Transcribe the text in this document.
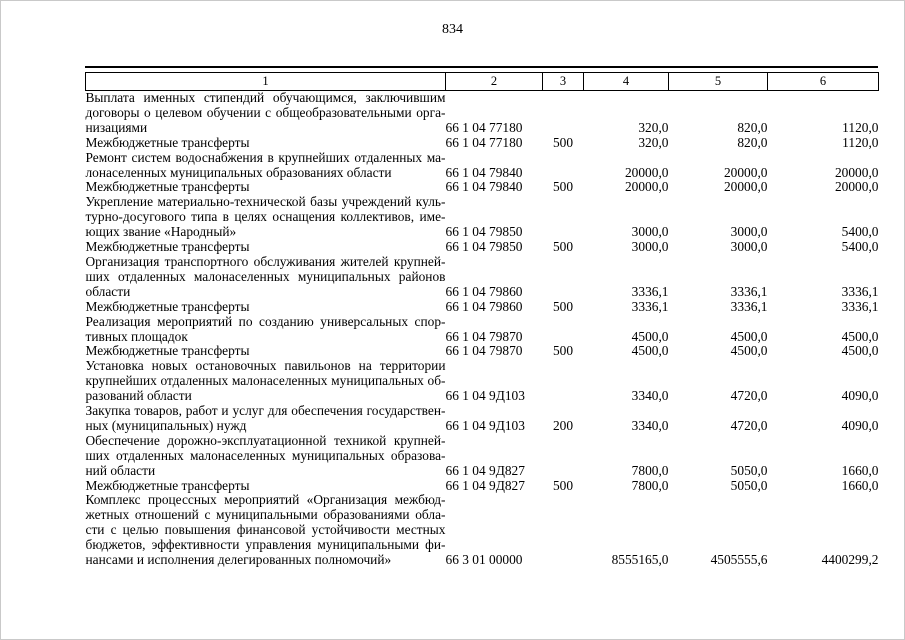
834
1	2	3	4	5	6
Выплата именных стипендий обучающимся, заключившим договоры о целевом обучении с общеобразовательными организациями	66 1 04 77180		320,0	820,0	1120,0
Межбюджетные трансферты	66 1 04 77180	500	320,0	820,0	1120,0
Ремонт систем водоснабжения в крупнейших отдаленных малонаселенных муниципальных образованиях области	66 1 04 79840		20000,0	20000,0	20000,0
Межбюджетные трансферты	66 1 04 79840	500	20000,0	20000,0	20000,0
Укрепление материально-технической базы учреждений культурно-досугового типа в целях оснащения коллективов, имеющих звание «Народный»	66 1 04 79850		3000,0	3000,0	5400,0
Межбюджетные трансферты	66 1 04 79850	500	3000,0	3000,0	5400,0
Организация транспортного обслуживания жителей крупнейших отдаленных малонаселенных муниципальных районов области	66 1 04 79860		3336,1	3336,1	3336,1
Межбюджетные трансферты	66 1 04 79860	500	3336,1	3336,1	3336,1
Реализация мероприятий по созданию универсальных спортивных площадок	66 1 04 79870		4500,0	4500,0	4500,0
Межбюджетные трансферты	66 1 04 79870	500	4500,0	4500,0	4500,0
Установка новых остановочных павильонов на территории крупнейших отдаленных малонаселенных муниципальных образований области	66 1 04 9Д103		3340,0	4720,0	4090,0
Закупка товаров, работ и услуг для обеспечения государственных (муниципальных) нужд	66 1 04 9Д103	200	3340,0	4720,0	4090,0
Обеспечение дорожно-эксплуатационной техникой крупнейших отдаленных малонаселенных муниципальных образований области	66 1 04 9Д827		7800,0	5050,0	1660,0
Межбюджетные трансферты	66 1 04 9Д827	500	7800,0	5050,0	1660,0
Комплекс процессных мероприятий «Организация межбюджетных отношений с муниципальными образованиями области с целью повышения финансовой устойчивости местных бюджетов, эффективности управления муниципальными финансами и исполнения делегированных полномочий»	66 3 01 00000		8555165,0	4505555,6	4400299,2
